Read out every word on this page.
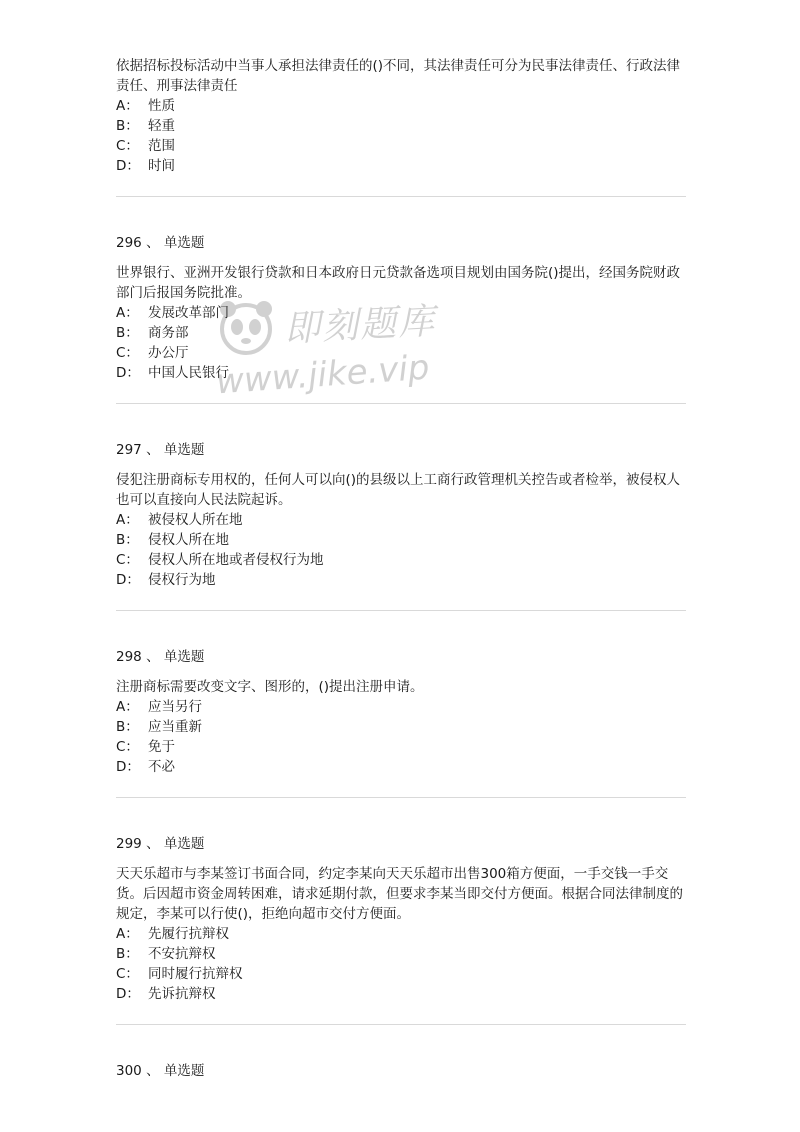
依据招标投标活动中当事人承担法律责任的()不同，其法律责任可分为民事法律责任、行政法律责任、刑事法律责任

A： 性质
B： 轻重
C： 范围
D： 时间
296 、 单选题

世界银行、亚洲开发银行贷款和日本政府日元贷款备选项目规划由国务院()提出，经国务院财政部门后报国务院批准。

A： 发展改革部门
B： 商务部
C： 办公厅
D： 中国人民银行
297 、 单选题

侵犯注册商标专用权的，任何人可以向()的县级以上工商行政管理机关控告或者检举，被侵权人也可以直接向人民法院起诉。

A： 被侵权人所在地
B： 侵权人所在地
C： 侵权人所在地或者侵权行为地
D： 侵权行为地
298 、 单选题

注册商标需要改变文字、图形的，()提出注册申请。

A： 应当另行
B： 应当重新
C： 免于
D： 不必
299 、 单选题

天天乐超市与李某签订书面合同，约定李某向天天乐超市出售300箱方便面，一手交钱一手交货。后因超市资金周转困难，请求延期付款，但要求李某当即交付方便面。根据合同法律制度的规定，李某可以行使()，拒绝向超市交付方便面。

A： 先履行抗辩权
B： 不安抗辩权
C： 同时履行抗辩权
D： 先诉抗辩权
300 、 单选题
即刻题库
www.jike.vip
